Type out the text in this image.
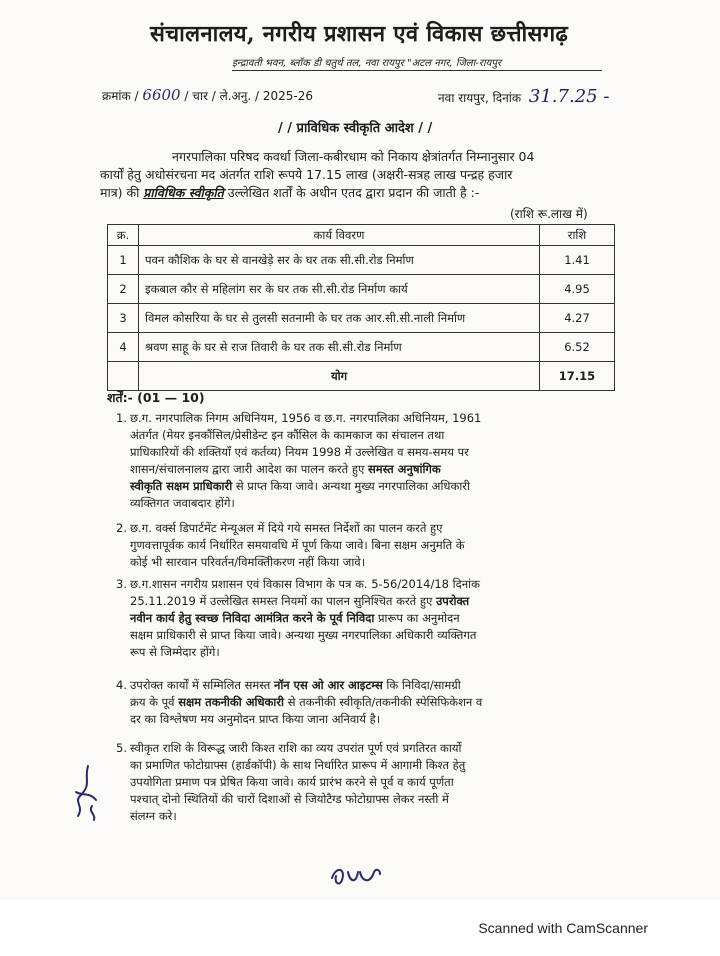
संचालनालय, नगरीय प्रशासन एवं विकास छत्तीसगढ़
इन्द्रावती भवन, ब्लॉक डी चतुर्थ तल, नवा रायपुर "अटल नगर, जिला-रायपुर
क्रमांक / 6600 / चार / ले.अनु. / 2025-26	नवा रायपुर, दिनांक 31.7.25 -
/ / प्राविधिक स्वीकृति आदेश / /
नगरपालिका परिषद कवर्धा जिला-कबीरधाम को निकाय क्षेत्रांतर्गत निम्नानुसार 04
कार्यों हेतु अधोसंरचना मद अंतर्गत राशि रूपये 17.15 लाख (अक्षरी-सत्रह लाख पन्द्रह हजार
मात्र) की प्राविधिक स्वीकृति उल्लेखित शर्तों के अधीन एतद द्वारा प्रदान की जाती है :-
(राशि रू.लाख में)
क्र.	कार्य विवरण	राशि
1	पवन कौशिक के घर से वानखेड़े सर के घर तक सी.सी.रोड निर्माण	1.41
2	इकबाल कौर से महिलांग सर के घर तक सी.सी.रोड निर्माण कार्य	4.95
3	विमल कोसरिया के घर से तुलसी सतनामी के घर तक आर.सी.सी.नाली निर्माण	4.27
4	श्रवण साहू के घर से राज तिवारी के घर तक सी.सी.रोड निर्माण	6.52
	योग	17.15
शर्तें:- (01 — 10)
1. छ.ग. नगरपालिक निगम अधिनियम, 1956 व छ.ग. नगरपालिका अधिनियम, 1961
अंतर्गत (मेयर इनकौंसिल/प्रेसीडेन्ट इन कौंसिल के कामकाज का संचालन तथा
प्राधिकारियों की शक्तियाँ एवं कर्तव्य) नियम 1998 में उल्लेखित व समय-समय पर
शासन/संचालनालय द्वारा जारी आदेश का पालन करते हुए समस्त अनुषांगिक
स्वीकृति सक्षम प्राधिकारी से प्राप्त किया जावे। अन्यथा मुख्य नगरपालिका अधिकारी
व्यक्तिगत जवाबदार होंगे।
2. छ.ग. वर्क्स डिपार्टमेंट मेन्यूअल में दिये गये समस्त निर्देशों का पालन करते हुए
गुणवत्तापूर्वक कार्य निर्धारित समयावधि में पूर्ण किया जावे। बिना सक्षम अनुमति के
कोई भी सारवान परिवर्तन/विमक्तिीकरण नहीं किया जावे।
3. छ.ग.शासन नगरीय प्रशासन एवं विकास विभाग के पत्र क. 5-56/2014/18 दिनांक
25.11.2019 में उल्लेखित समस्त नियमों का पालन सुनिश्चित करते हुए उपरोक्त
नवीन कार्य हेतु स्वच्छ निविदा आमंत्रित करने के पूर्व निविदा प्रारूप का अनुमोदन
सक्षम प्राधिकारी से प्राप्त किया जावे। अन्यथा मुख्य नगरपालिका अधिकारी व्यक्तिगत
रूप से जिम्मेदार होंगे।
4. उपरोक्त कार्यों में सम्मिलित समस्त नॉन एस ओ आर आइटम्स कि निविदा/सामग्री
क्रय के पूर्व सक्षम तकनीकी अधिकारी से तकनीकी स्वीकृति/तकनीकी स्पेसिफिकेशन व
दर का विश्लेषण मय अनुमोदन प्राप्त किया जाना अनिवार्य है।
5. स्वीकृत राशि के विरूद्ध जारी किश्त राशि का व्यय उपरांत पूर्ण एवं प्रगतिरत कार्यो
का प्रमाणित फोटोग्राफ्स (हार्डकॉपी) के साथ निर्धारित प्रारूप में आगामी किश्त हेतु
उपयोगिता प्रमाण पत्र प्रेषित किया जावे। कार्य प्रारंभ करने से पूर्व व कार्य पूर्णता
पश्चात् दोनो स्थितियों की चारों दिशाओं से जियोटैग्ड फोटोग्राफ्स लेकर नस्ती में
संलग्न करे।
Scanned with CamScanner
